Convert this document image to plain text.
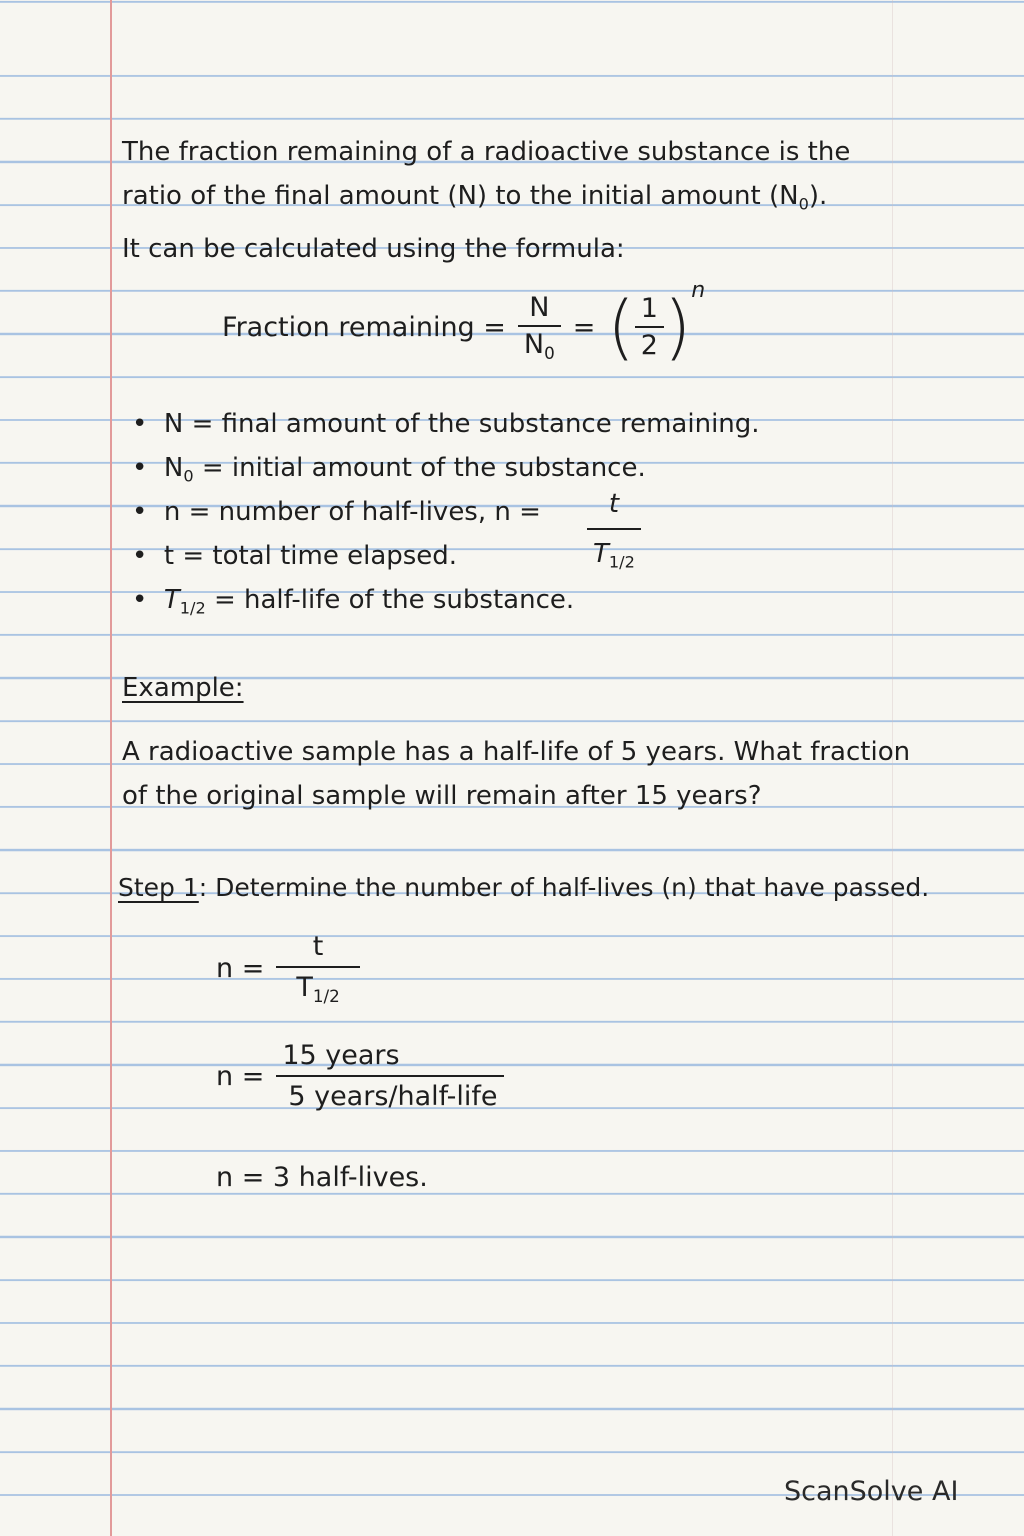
The fraction remaining of a radioactive substance is the
ratio of the final amount (N) to the initial amount $(N_0)$.
It can be calculated using the formula:
Fraction remaining = $\frac{N}{N_0}$ = ( $\frac{1}{2}$ ) n
•  N = final amount of the substance remaining.
•  $N_0$ = initial amount of the substance.
•  n = number of half-lives, $n = \frac{t}{T_{1/2}}$
•  t = total time elapsed.
•  $T_{1/2}$ = half-life of the substance.
Example:
A radioactive sample has a half-life of 5 years. What fraction
of the original sample will remain after 15 years?
Step 1: Determine the number of half-lives (n) that have passed.
$n = \frac{t}{T_{1/2}}$
$n = \frac{\text{15 years}}{\text{5 years/half-life}}$
n = 3 half-lives.
ScanSolve AI
